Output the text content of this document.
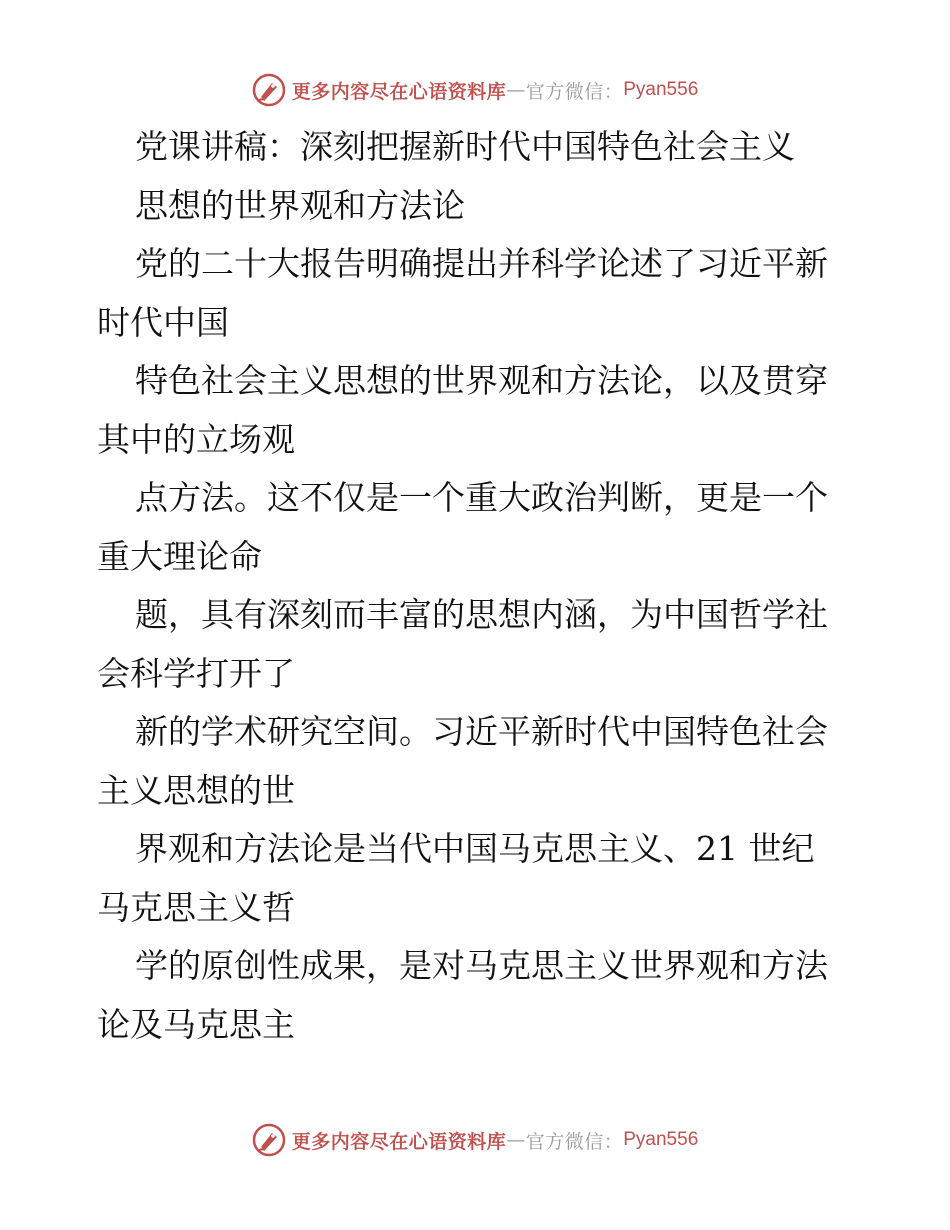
更多内容尽在心语资料库 — 官方微信： Pyan556
党课讲稿：深刻把握新时代中国特色社会主义
思想的世界观和方法论
党的二十大报告明确提出并科学论述了习近平新
时代中国
特色社会主义思想的世界观和方法论，以及贯穿
其中的立场观
点方法。这不仅是一个重大政治判断，更是一个
重大理论命
题，具有深刻而丰富的思想内涵，为中国哲学社
会科学打开了
新的学术研究空间。习近平新时代中国特色社会
主义思想的世
界观和方法论是当代中国马克思主义、21 世纪
马克思主义哲
学的原创性成果，是对马克思主义世界观和方法
论及马克思主
更多内容尽在心语资料库 — 官方微信： Pyan556
